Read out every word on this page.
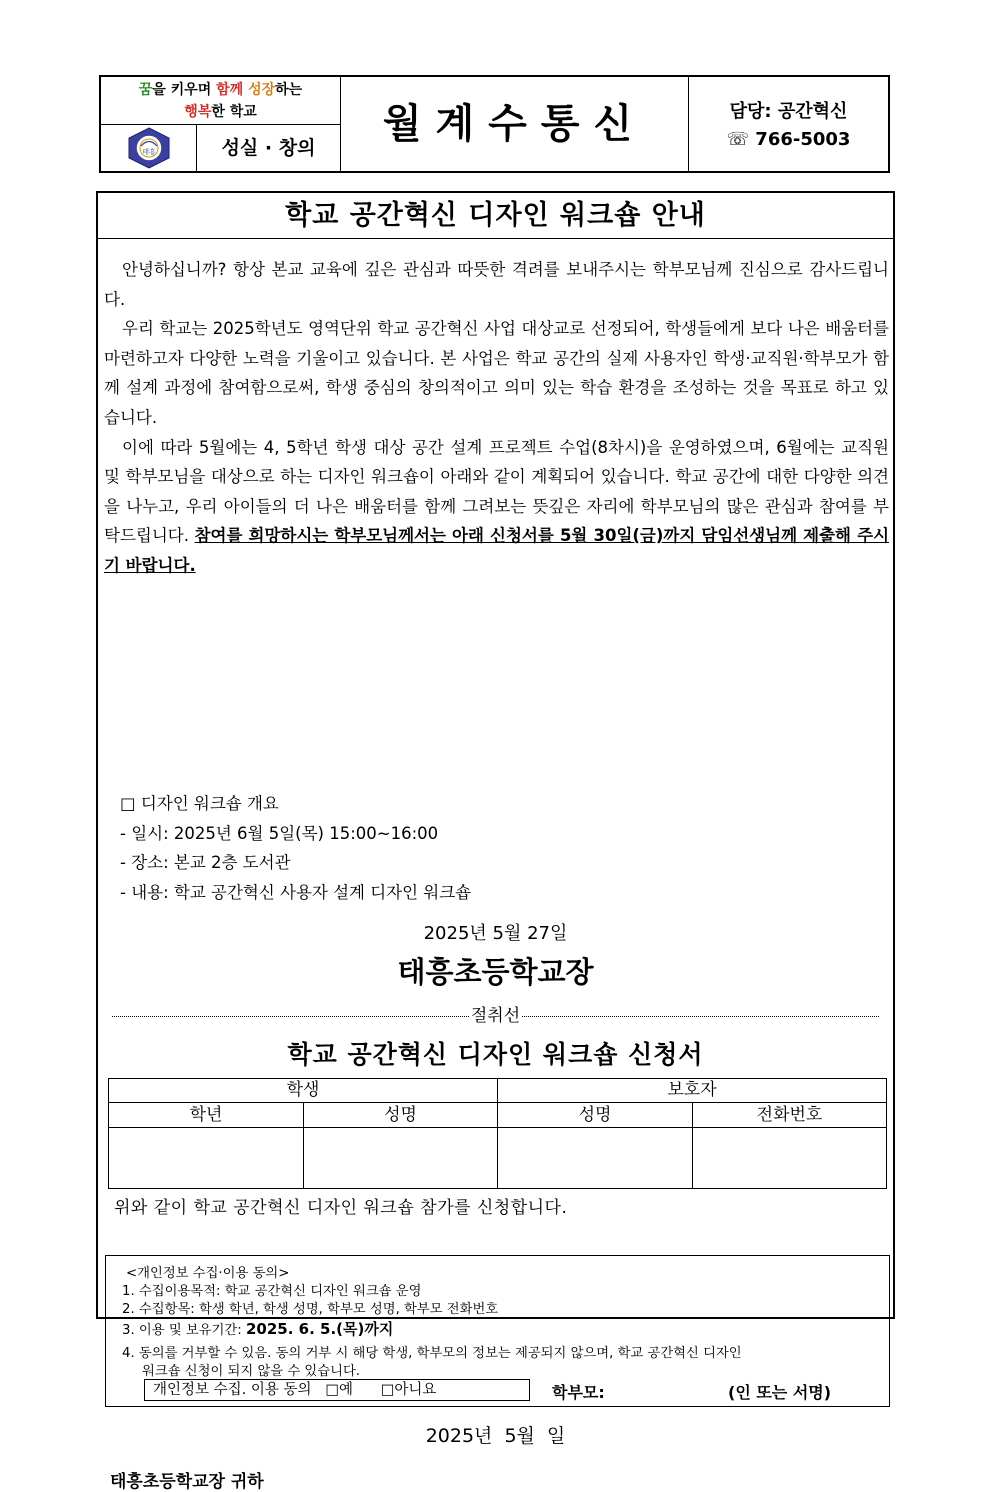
꿈을 키우며 함께 성장하는
행복한 학교
태흥	성실 · 창의
월계수통신	담당: 공간혁신
☏ 766-5003
학교 공간혁신 디자인 워크숍 안내

안녕하십니까? 항상 본교 교육에 깊은 관심과 따뜻한 격려를 보내주시는 학부모님께 진심으로 감사드립니다.

우리 학교는 2025학년도 영역단위 학교 공간혁신 사업 대상교로 선정되어, 학생들에게 보다 나은 배움터를 마련하고자 다양한 노력을 기울이고 있습니다. 본 사업은 학교 공간의 실제 사용자인 학생·교직원·학부모가 함께 설계 과정에 참여함으로써, 학생 중심의 창의적이고 의미 있는 학습 환경을 조성하는 것을 목표로 하고 있습니다.

이에 따라 5월에는 4, 5학년 학생 대상 공간 설계 프로젝트 수업(8차시)을 운영하였으며, 6월에는 교직원 및 학부모님을 대상으로 하는 디자인 워크숍이 아래와 같이 계획되어 있습니다. 학교 공간에 대한 다양한 의견을 나누고, 우리 아이들의 더 나은 배움터를 함께 그려보는 뜻깊은 자리에 학부모님의 많은 관심과 참여를 부탁드립니다. 참여를 희망하시는 학부모님께서는 아래 신청서를 5월 30일(금)까지 담임선생님께 제출해 주시기 바랍니다.

□ 디자인 워크숍 개요
- 일시: 2025년 6월 5일(목) 15:00~16:00
- 장소: 본교 2층 도서관
- 내용: 학교 공간혁신 사용자 설계 디자인 워크숍
2025년 5월 27일
태흥초등학교장
절취선
학교 공간혁신 디자인 워크숍 신청서
학생	보호자
학년	성명	성명	전화번호
위와 같이 학교 공간혁신 디자인 워크숍 참가를 신청합니다.
<개인정보 수집·이용 동의>
1. 수집이용목적: 학교 공간혁신 디자인 워크숍 운영
2. 수집항목: 학생 학년, 학생 성명, 학부모 성명, 학부모 전화번호
3. 이용 및 보유기간: 2025. 6. 5.(목)까지
4. 동의를 거부할 수 있음. 동의 거부 시 해당 학생, 학부모의 정보는 제공되지 않으며, 학교 공간혁신 디자인
워크숍 신청이 되지 않을 수 있습니다.
개인정보 수집. 이용 동의 □예 □아니요	학부모:	(인 또는 서명)
2025년 5월 일
태흥초등학교장 귀하
